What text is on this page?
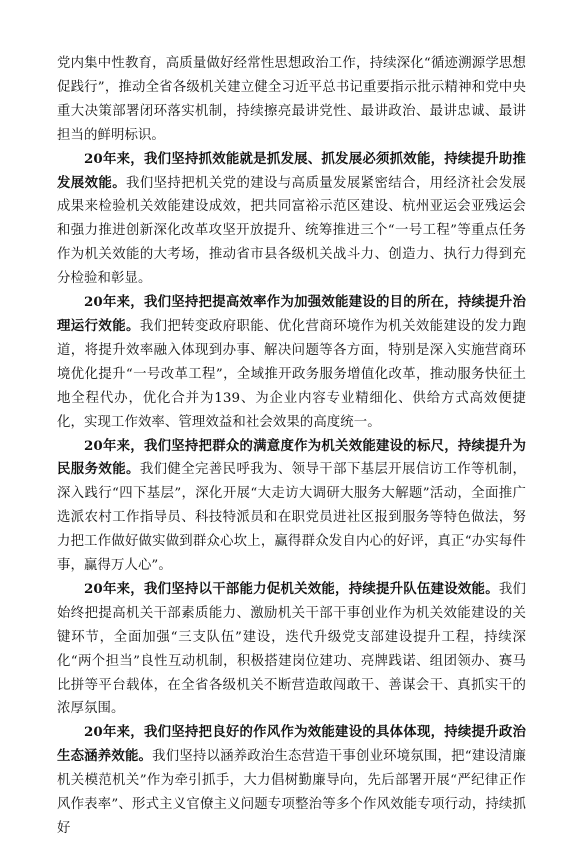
党内集中性教育，高质量做好经常性思想政治工作，持续深化“循迹溯源学思想促践行”，推动全省各级机关建立健全习近平总书记重要指示批示精神和党中央重大决策部署闭环落实机制，持续擦亮最讲党性、最讲政治、最讲忠诚、最讲担当的鲜明标识。

20年来，我们坚持抓效能就是抓发展、抓发展必须抓效能，持续提升助推发展效能。我们坚持把机关党的建设与高质量发展紧密结合，用经济社会发展成果来检验机关效能建设成效，把共同富裕示范区建设、杭州亚运会亚残运会和强力推进创新深化改革攻坚开放提升、统筹推进三个“一号工程”等重点任务作为机关效能的大考场，推动省市县各级机关战斗力、创造力、执行力得到充分检验和彰显。

20年来，我们坚持把提高效率作为加强效能建设的目的所在，持续提升治理运行效能。我们把转变政府职能、优化营商环境作为机关效能建设的发力跑道，将提升效率融入体现到办事、解决问题等各方面，特别是深入实施营商环境优化提升“一号改革工程”，全域推开政务服务增值化改革，推动服务快征土地全程代办，优化合并为139、为企业内容专业精细化、供给方式高效便捷化，实现工作效率、管理效益和社会效果的高度统一。

20年来，我们坚持把群众的满意度作为机关效能建设的标尺，持续提升为民服务效能。我们健全完善民呼我为、领导干部下基层开展信访工作等机制，深入践行“四下基层”，深化开展“大走访大调研大服务大解题”活动，全面推广选派农村工作指导员、科技特派员和在职党员进社区报到服务等特色做法，努力把工作做好做实做到群众心坎上，赢得群众发自内心的好评，真正“办实每件事，赢得万人心”。

20年来，我们坚持以干部能力促机关效能，持续提升队伍建设效能。我们始终把提高机关干部素质能力、激励机关干部干事创业作为机关效能建设的关键环节，全面加强“三支队伍”建设，迭代升级党支部建设提升工程，持续深化“两个担当”良性互动机制，积极搭建岗位建功、亮牌践诺、组团领办、赛马比拼等平台载体，在全省各级机关不断营造敢闯敢干、善谋会干、真抓实干的浓厚氛围。

20年来，我们坚持把良好的作风作为效能建设的具体体现，持续提升政治生态涵养效能。我们坚持以涵养政治生态营造干事创业环境氛围，把“建设清廉机关模范机关”作为牵引抓手，大力倡树勤廉导向，先后部署开展“严纪律正作风作表率”、形式主义官僚主义问题专项整治等多个作风效能专项行动，持续抓好
